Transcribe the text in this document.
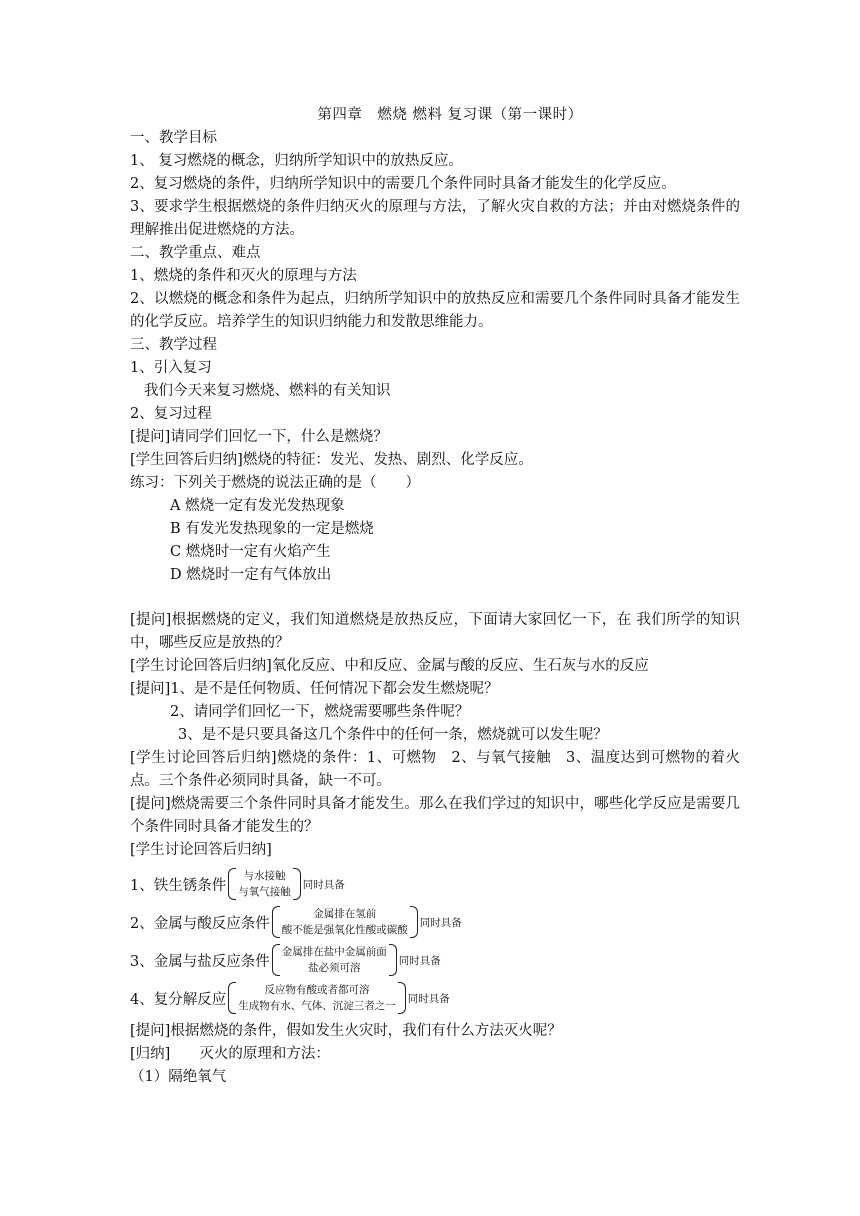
第四章　燃烧 燃料 复习课（第一课时）
一、教学目标
1、 复习燃烧的概念，归纳所学知识中的放热反应。
2、复习燃烧的条件，归纳所学知识中的需要几个条件同时具备才能发生的化学反应。
3、要求学生根据燃烧的条件归纳灭火的原理与方法，了解火灾自救的方法；并由对燃烧条件的理解推出促进燃烧的方法。
二、教学重点、难点
1、燃烧的条件和灭火的原理与方法
2、以燃烧的概念和条件为起点，归纳所学知识中的放热反应和需要几个条件同时具备才能发生的化学反应。培养学生的知识归纳能力和发散思维能力。
三、教学过程
1、引入复习
我们今天来复习燃烧、燃料的有关知识
2、复习过程
[提问]请同学们回忆一下，什么是燃烧？
[学生回答后归纳]燃烧的特征：发光、发热、剧烈、化学反应。
练习：下列关于燃烧的说法正确的是（　　）
A 燃烧一定有发光发热现象
B 有发光发热现象的一定是燃烧
C 燃烧时一定有火焰产生
D 燃烧时一定有气体放出
[提问]根据燃烧的定义，我们知道燃烧是放热反应，下面请大家回忆一下，在 我们所学的知识中，哪些反应是放热的？
[学生讨论回答后归纳]氧化反应、中和反应、金属与酸的反应、生石灰与水的反应
[提问]1、是不是任何物质、任何情况下都会发生燃烧呢？
2、请同学们回忆一下，燃烧需要哪些条件呢？
3、是不是只要具备这几个条件中的任何一条，燃烧就可以发生呢？
[学生讨论回答后归纳]燃烧的条件：1、可燃物　2、与氧气接触　3、温度达到可燃物的着火点。三个条件必须同时具备，缺一不可。
[提问]燃烧需要三个条件同时具备才能发生。那么在我们学过的知识中，哪些化学反应是需要几个条件同时具备才能发生的？
[学生讨论回答后归纳]
1、铁生锈条件
与水接触
与氧气接触
同时具备
2、金属与酸反应条件
金属排在氢前
酸不能是强氧化性酸或碳酸
同时具备
3、金属与盐反应条件
金属排在盐中金属前面
盐必须可溶
同时具备
4、复分解反应
反应物有酸或者都可溶
生成物有水、气体、沉淀三者之一
同时具备
[提问]根据燃烧的条件，假如发生火灾时，我们有什么方法灭火呢？
[归纳]　　灭火的原理和方法：
（1）隔绝氧气
